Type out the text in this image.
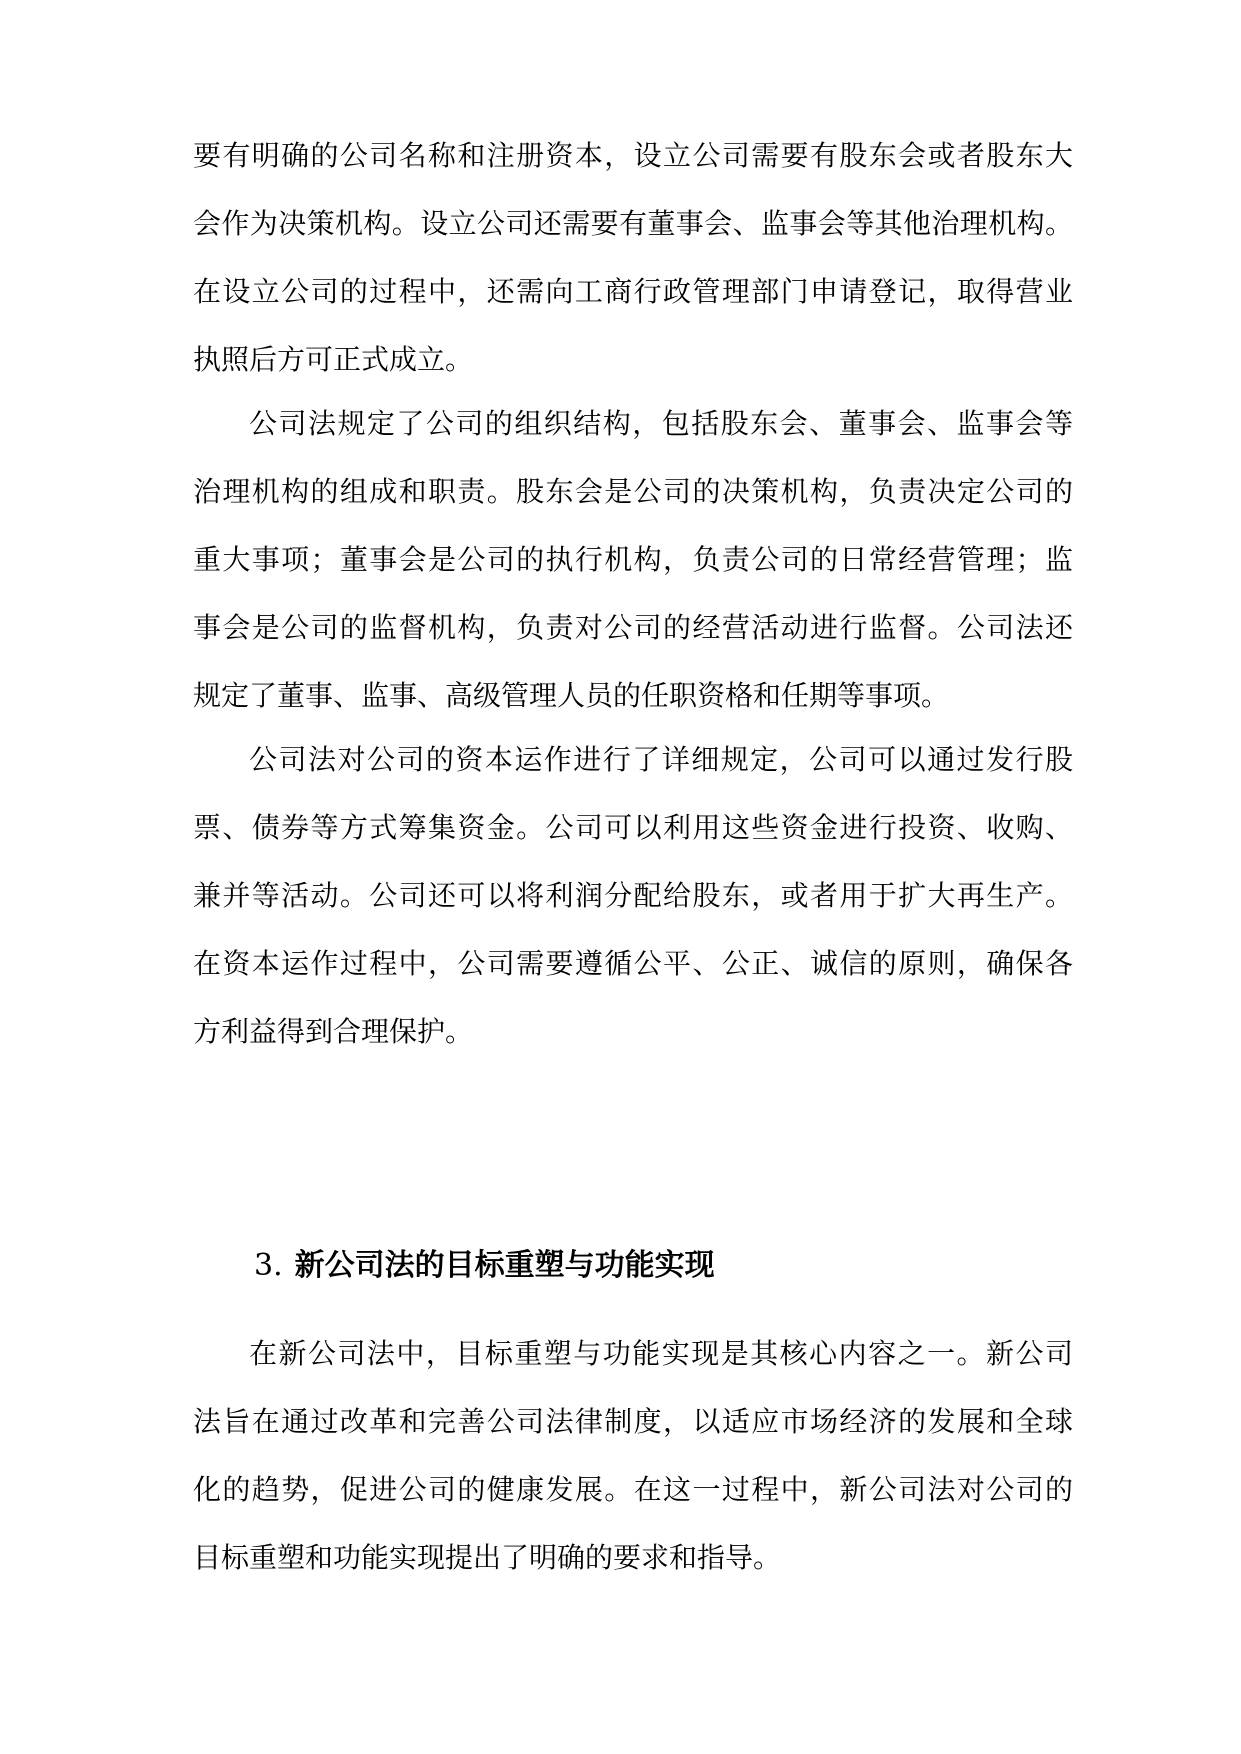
要有明确的公司名称和注册资本，设立公司需要有股东会或者股东大
会作为决策机构。设立公司还需要有董事会、监事会等其他治理机构。
在设立公司的过程中，还需向工商行政管理部门申请登记，取得营业
执照后方可正式成立。
公司法规定了公司的组织结构，包括股东会、董事会、监事会等
治理机构的组成和职责。股东会是公司的决策机构，负责决定公司的
重大事项；董事会是公司的执行机构，负责公司的日常经营管理；监
事会是公司的监督机构，负责对公司的经营活动进行监督。公司法还
规定了董事、监事、高级管理人员的任职资格和任期等事项。
公司法对公司的资本运作进行了详细规定，公司可以通过发行股
票、债券等方式筹集资金。公司可以利用这些资金进行投资、收购、
兼并等活动。公司还可以将利润分配给股东，或者用于扩大再生产。
在资本运作过程中，公司需要遵循公平、公正、诚信的原则，确保各
方利益得到合理保护。
3. 新公司法的目标重塑与功能实现
在新公司法中，目标重塑与功能实现是其核心内容之一。新公司
法旨在通过改革和完善公司法律制度，以适应市场经济的发展和全球
化的趋势，促进公司的健康发展。在这一过程中，新公司法对公司的
目标重塑和功能实现提出了明确的要求和指导。
